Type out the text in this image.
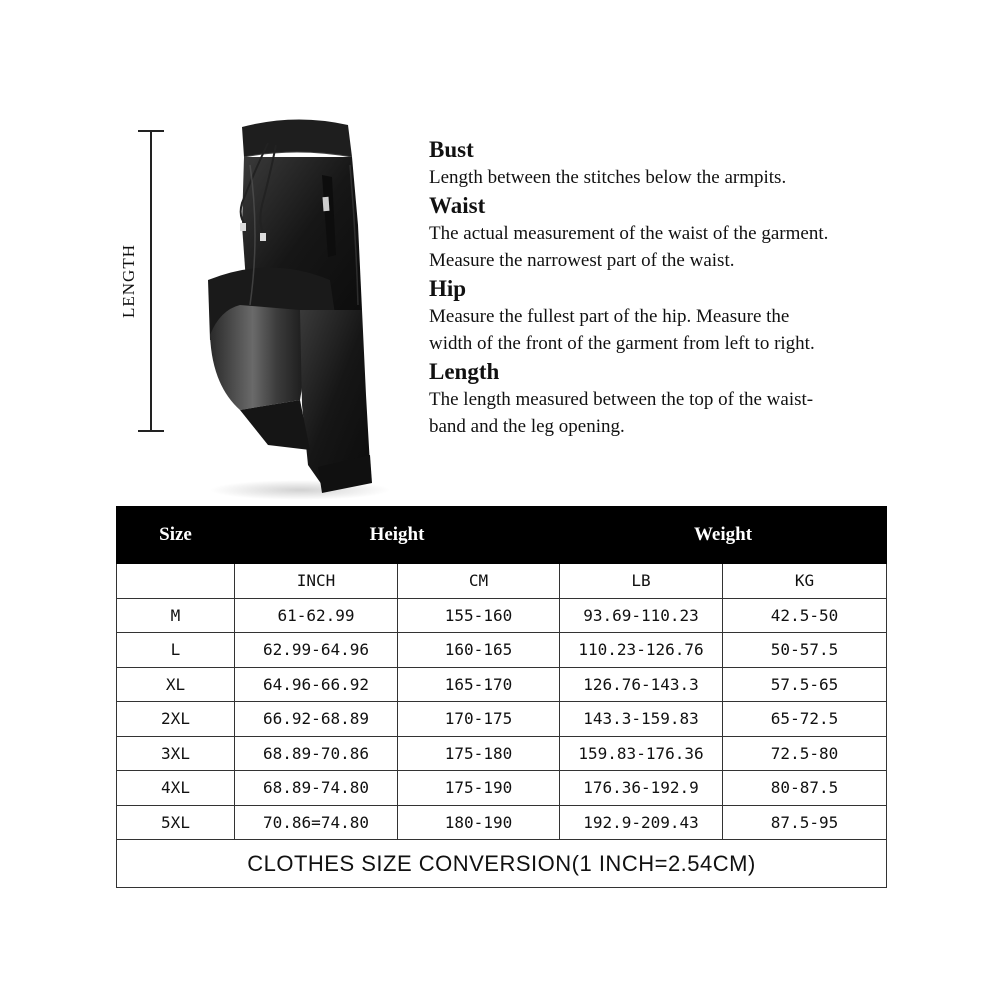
LENGTH

Bust

Length between the stitches below the armpits.

Waist

The actual measurement of the waist of the garment.

Measure the narrowest part of the waist.

Hip

Measure the fullest part of the hip. Measure the

width of the front of the garment from left to right.

Length

The length measured between the top of the waist-

band and the leg opening.

Size	Height		Weight	
	INCH	CM	LB	KG
M	61-62.99	155-160	93.69-110.23	42.5-50
L	62.99-64.96	160-165	110.23-126.76	50-57.5
XL	64.96-66.92	165-170	126.76-143.3	57.5-65
2XL	66.92-68.89	170-175	143.3-159.83	65-72.5
3XL	68.89-70.86	175-180	159.83-176.36	72.5-80
4XL	68.89-74.80	175-190	176.36-192.9	80-87.5
5XL	70.86=74.80	180-190	192.9-209.43	87.5-95
CLOTHES SIZE CONVERSION(1 INCH=2.54CM)				
